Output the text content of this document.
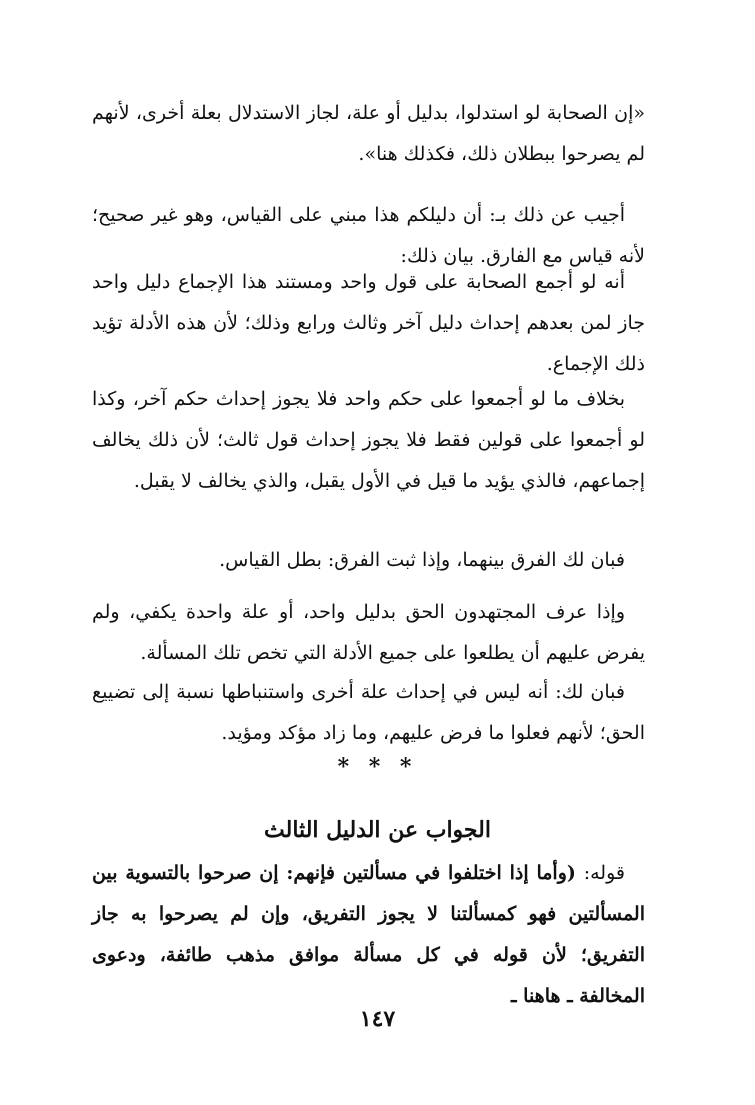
«إن الصحابة لو استدلوا، بدليل أو علة، لجاز الاستدلال بعلة أخرى، لأنهم لم يصرحوا ببطلان ذلك، فكذلك هنا».
أجيب عن ذلك بـ: أن دليلكم هذا مبني على القياس، وهو غير صحيح؛ لأنه قياس مع الفارق. بيان ذلك:
أنه لو أجمع الصحابة على قول واحد ومستند هذا الإجماع دليل واحد جاز لمن بعدهم إحداث دليل آخر وثالث ورابع وذلك؛ لأن هذه الأدلة تؤيد ذلك الإجماع.
بخلاف ما لو أجمعوا على حكم واحد فلا يجوز إحداث حكم آخر، وكذا لو أجمعوا على قولين فقط فلا يجوز إحداث قول ثالث؛ لأن ذلك يخالف إجماعهم، فالذي يؤيد ما قيل في الأول يقبل، والذي يخالف لا يقبل.
فبان لك الفرق بينهما، وإذا ثبت الفرق: بطل القياس.
وإذا عرف المجتهدون الحق بدليل واحد، أو علة واحدة يكفي، ولم يفرض عليهم أن يطلعوا على جميع الأدلة التي تخص تلك المسألة.
فبان لك: أنه ليس في إحداث علة أخرى واستنباطها نسبة إلى تضييع الحق؛ لأنهم فعلوا ما فرض عليهم، وما زاد مؤكد ومؤيد.
* * *
الجواب عن الدليل الثالث
قوله: (وأما إذا اختلفوا في مسألتين فإنهم: إن صرحوا بالتسوية بين المسألتين فهو كمسألتنا لا يجوز التفريق، وإن لم يصرحوا به جاز التفريق؛ لأن قوله في كل مسألة موافق مذهب طائفة، ودعوى المخالفة ـ هاهنا ـ
١٤٧
